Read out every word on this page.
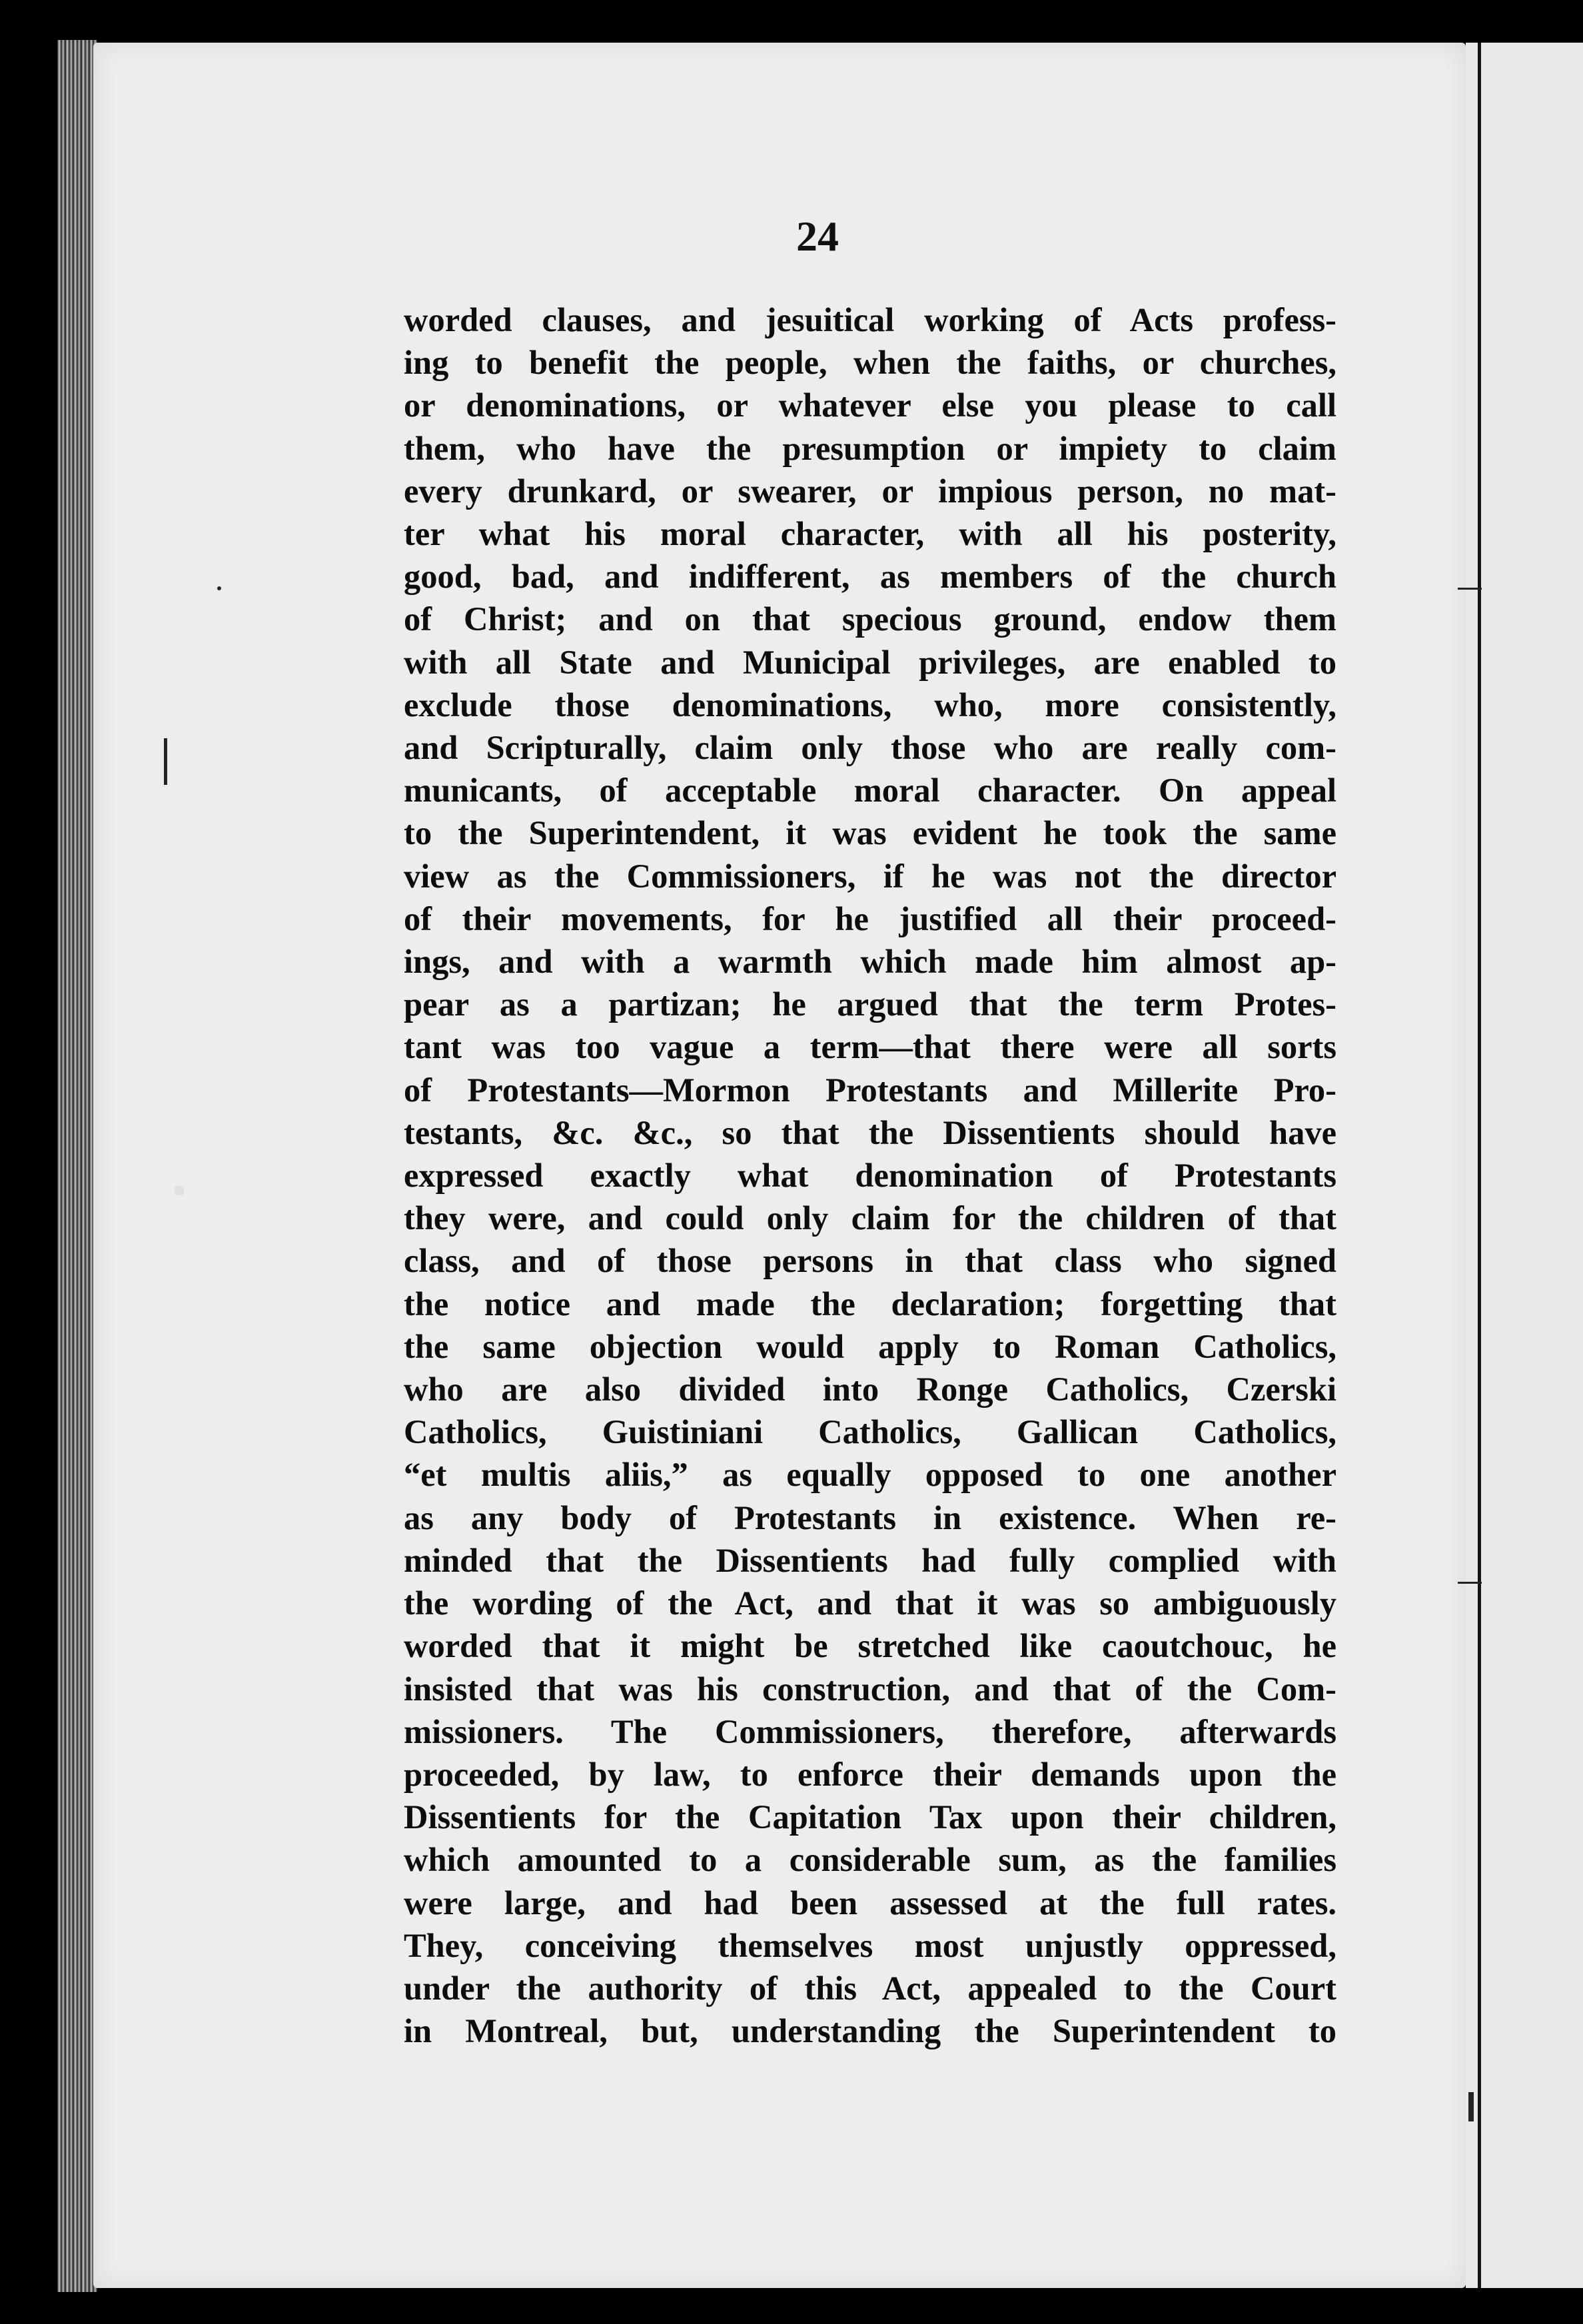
24
worded clauses, and jesuitical working of Acts profess-
ing to benefit the people, when the faiths, or churches,
or denominations, or whatever else you please to call
them, who have the presumption or impiety to claim
every drunkard, or swearer, or impious person, no mat-
ter what his moral character, with all his posterity,
good, bad, and indifferent, as members of the church
of Christ; and on that specious ground, endow them
with all State and Municipal privileges, are enabled to
exclude those denominations, who, more consistently,
and Scripturally, claim only those who are really com-
municants, of acceptable moral character. On appeal
to the Superintendent, it was evident he took the same
view as the Commissioners, if he was not the director
of their movements, for he justified all their proceed-
ings, and with a warmth which made him almost ap-
pear as a partizan; he argued that the term Protes-
tant was too vague a term—that there were all sorts
of Protestants—Mormon Protestants and Millerite Pro-
testants, &c. &c., so that the Dissentients should have
expressed exactly what denomination of Protestants
they were, and could only claim for the children of that
class, and of those persons in that class who signed
the notice and made the declaration; forgetting that
the same objection would apply to Roman Catholics,
who are also divided into Ronge Catholics, Czerski
Catholics, Guistiniani Catholics, Gallican Catholics,
“et multis aliis,” as equally opposed to one another
as any body of Protestants in existence. When re-
minded that the Dissentients had fully complied with
the wording of the Act, and that it was so ambiguously
worded that it might be stretched like caoutchouc, he
insisted that was his construction, and that of the Com-
missioners. The Commissioners, therefore, afterwards
proceeded, by law, to enforce their demands upon the
Dissentients for the Capitation Tax upon their children,
which amounted to a considerable sum, as the families
were large, and had been assessed at the full rates.
They, conceiving themselves most unjustly oppressed,
under the authority of this Act, appealed to the Court
in Montreal, but, understanding the Superintendent to
